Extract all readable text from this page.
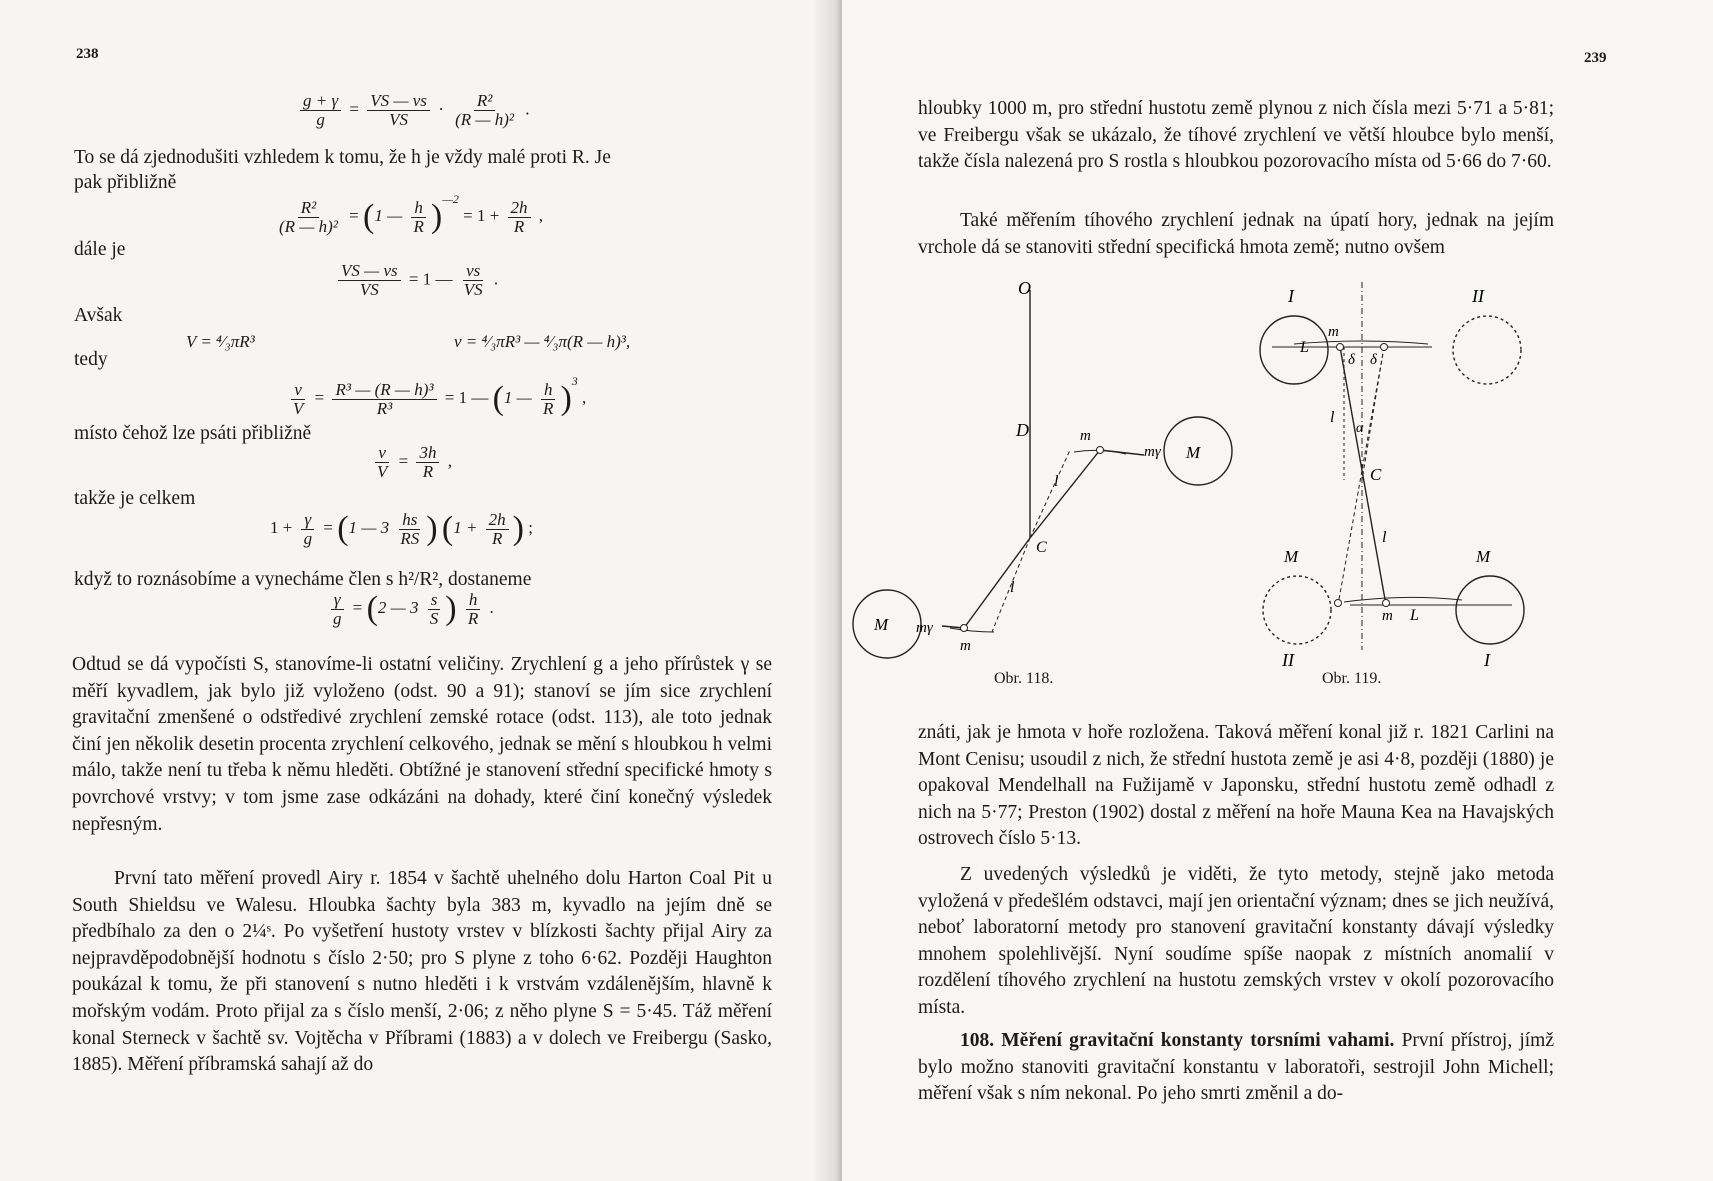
238
$\frac{g + \gamma}{g} = \frac{VS — vs}{VS} \cdot \frac{\text{R²}}{\text{(R — h)²}}$ .
To se dá zjednodušiti vzhledem k tomu, že h je vždy malé proti R. Je
pak přibližně
$\frac{\text{R²}}{\text{(R — h)²}} = (1$ — $\frac{h}{R} )^{—2} = 1 + \frac{2h}{R}$ ,
dále je
$\frac{VS — vs}{VS} = 1$ — $\frac{vs}{VS}$ .
Avšak
V = ⁴⁄₃πR³	v = ⁴⁄₃πR³ — ⁴⁄₃π(R — h)³,
tedy
$\frac{v}{V} = \frac{\text{R³ — (R — h)³}}{\text{R³}} = 1$ — (1 — $\frac{h}{R} )^3$ ,
místo čehož lze psáti přibližně
$\frac{v}{V} = \frac{3h}{R}$ ,
takže je celkem
$1 + \frac{\gamma}{g} = (1$ — $3 \frac{hs}{RS}$ ) ($1 + \frac{2h}{R}$ ) ;
když to roznásobíme a vynecháme člen s h²/R², dostaneme
$\frac{\gamma}{g} = (2$ — $3 \frac{s}{S}$ ) $\frac{h}{R}$ .

Odtud se dá vypočísti S, stanovíme-li ostatní veličiny. Zrychlení g a jeho přírůstek γ se měří kyvadlem, jak bylo již vyloženo (odst. 90 a 91); stanoví se jím sice zrychlení gravitační zmenšené o odstředivé zrychlení zemské rotace (odst. 113), ale toto jednak činí jen několik desetin procenta zrychlení celkového, jednak se mění s hloubkou h velmi málo, takže není tu třeba k němu hleděti. Obtížné je stanovení střední specifické hmoty s povrchové vrstvy; v tom jsme zase odkázáni na dohady, které činí konečný výsledek nepřesným.

První tato měření provedl Airy r. 1854 v šachtě uhelného dolu Harton Coal Pit u South Shieldsu ve Walesu. Hloubka šachty byla 383 m, kyvadlo na jejím dně se předbíhalo za den o 2¼ˢ. Po vyšetření hustoty vrstev v blízkosti šachty přijal Airy za nejpravděpodobnější hodnotu s číslo 2·50; pro S plyne z toho 6·62. Později Haughton poukázal k tomu, že při stanovení s nutno hleděti i k vrstvám vzdálenějším, hlavně k mořským vodám. Proto přijal za s číslo menší, 2·06; z něho plyne S = 5·45. Táž měření konal Sterneck v šachtě sv. Vojtěcha v Příbrami (1883) a v dolech ve Freibergu (Sasko, 1885). Měření příbramská sahají až do

239

hloubky 1000 m, pro střední hustotu země plynou z nich čísla mezi 5·71 a 5·81; ve Freibergu však se ukázalo, že tíhové zrychlení ve větší hloubce bylo menší, takže čísla nalezená pro S rostla s hloubkou pozorovacího místa od 5·66 do 7·60.

Také měřením tíhového zrychlení jednak na úpatí hory, jednak na jejím vrchole dá se stanoviti střední specifická hmota země; nutno ovšem

O
D
C
l
l
m
mγ M
M mγ
m
Obr. 118.
I	II
L
m
δ δ
l
α
C
l
M	M
m L
II	I
Obr. 119.

znáti, jak je hmota v hoře rozložena. Taková měření konal již r. 1821 Carlini na Mont Cenisu; usoudil z nich, že střední hustota země je asi 4·8, později (1880) je opakoval Mendelhall na Fužijamě v Japonsku, střední hustotu země odhadl z nich na 5·77; Preston (1902) dostal z měření na hoře Mauna Kea na Havajských ostrovech číslo 5·13.

Z uvedených výsledků je viděti, že tyto metody, stejně jako metoda vyložená v předešlém odstavci, mají jen orientační význam; dnes se jich neužívá, neboť laboratorní metody pro stanovení gravitační konstanty dávají výsledky mnohem spolehlivější. Nyní soudíme spíše naopak z místních anomalií v rozdělení tíhového zrychlení na hustotu zemských vrstev v okolí pozorovacího místa.

108. Měření gravitační konstanty torsními vahami. První přístroj, jímž bylo možno stanoviti gravitační konstantu v laboratoři, sestrojil John Michell; měření však s ním nekonal. Po jeho smrti změnil a do-
